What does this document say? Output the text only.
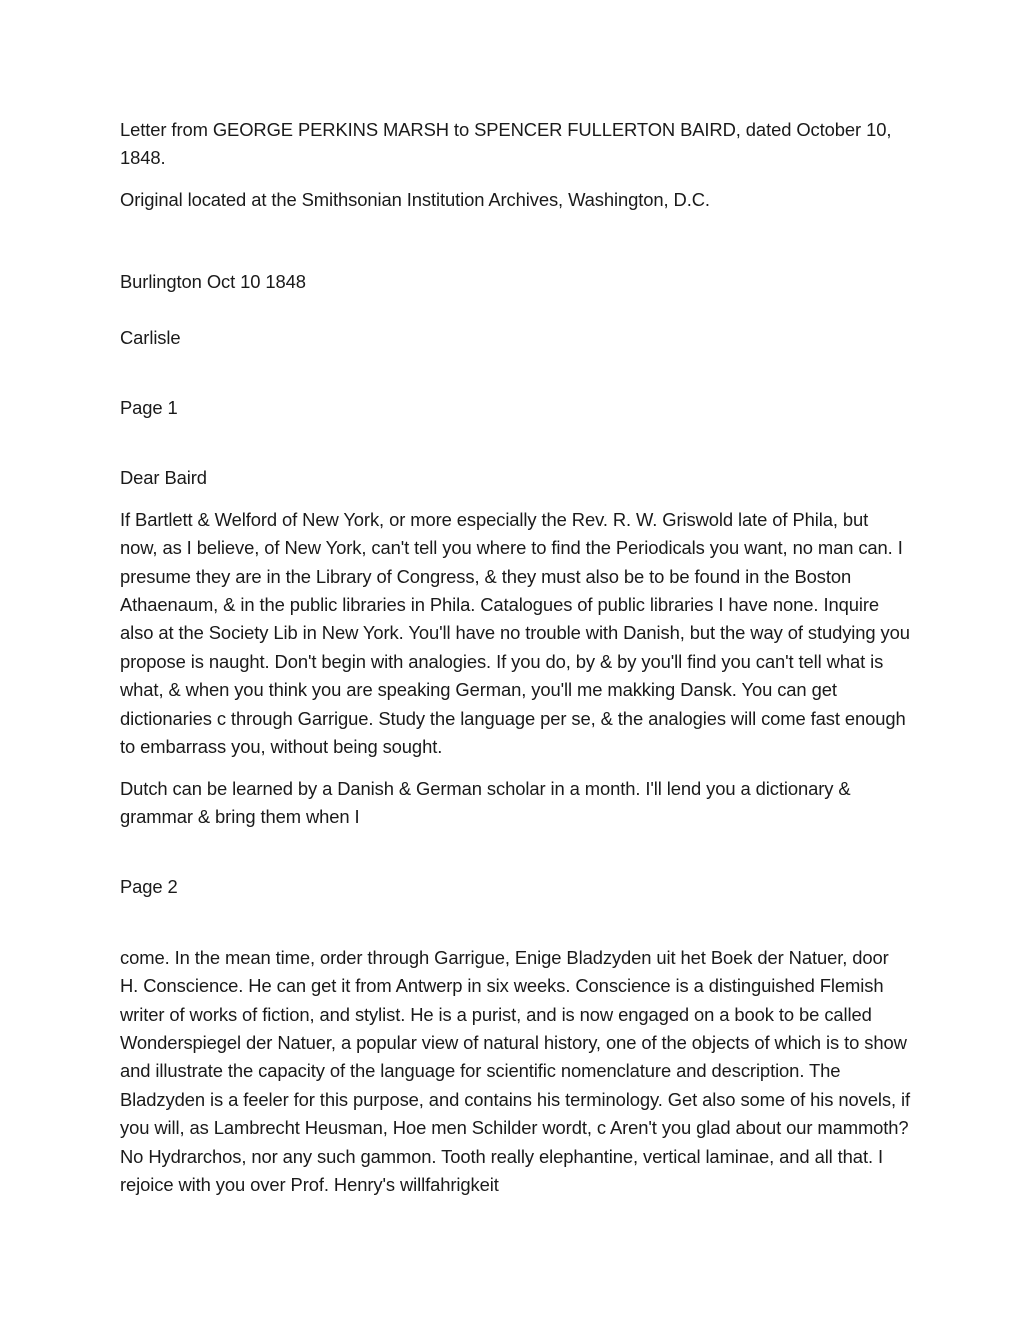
Letter from GEORGE PERKINS MARSH to SPENCER FULLERTON BAIRD, dated October 10, 1848.

Original located at the Smithsonian Institution Archives, Washington, D.C.

Burlington Oct 10 1848

Carlisle

Page 1

Dear Baird

If Bartlett & Welford of New York, or more especially the Rev. R. W. Griswold late of Phila, but now, as I believe, of New York, can't tell you where to find the Periodicals you want, no man can. I presume they are in the Library of Congress, & they must also be to be found in the Boston Athaenaum, & in the public libraries in Phila. Catalogues of public libraries I have none. Inquire also at the Society Lib in New York. You'll have no trouble with Danish, but the way of studying you propose is naught. Don't begin with analogies. If you do, by & by you'll find you can't tell what is what, & when you think you are speaking German, you'll me makking Dansk. You can get dictionaries c through Garrigue. Study the language per se, & the analogies will come fast enough to embarrass you, without being sought.

Dutch can be learned by a Danish & German scholar in a month. I'll lend you a dictionary & grammar & bring them when I

Page 2

come. In the mean time, order through Garrigue, Enige Bladzyden uit het Boek der Natuer, door H. Conscience. He can get it from Antwerp in six weeks. Conscience is a distinguished Flemish writer of works of fiction, and stylist. He is a purist, and is now engaged on a book to be called Wonderspiegel der Natuer, a popular view of natural history, one of the objects of which is to show and illustrate the capacity of the language for scientific nomenclature and description. The Bladzyden is a feeler for this purpose, and contains his terminology. Get also some of his novels, if you will, as Lambrecht Heusman, Hoe men Schilder wordt, c Aren't you glad about our mammoth? No Hydrarchos, nor any such gammon. Tooth really elephantine, vertical laminae, and all that. I rejoice with you over Prof. Henry's willfahrigkeit
